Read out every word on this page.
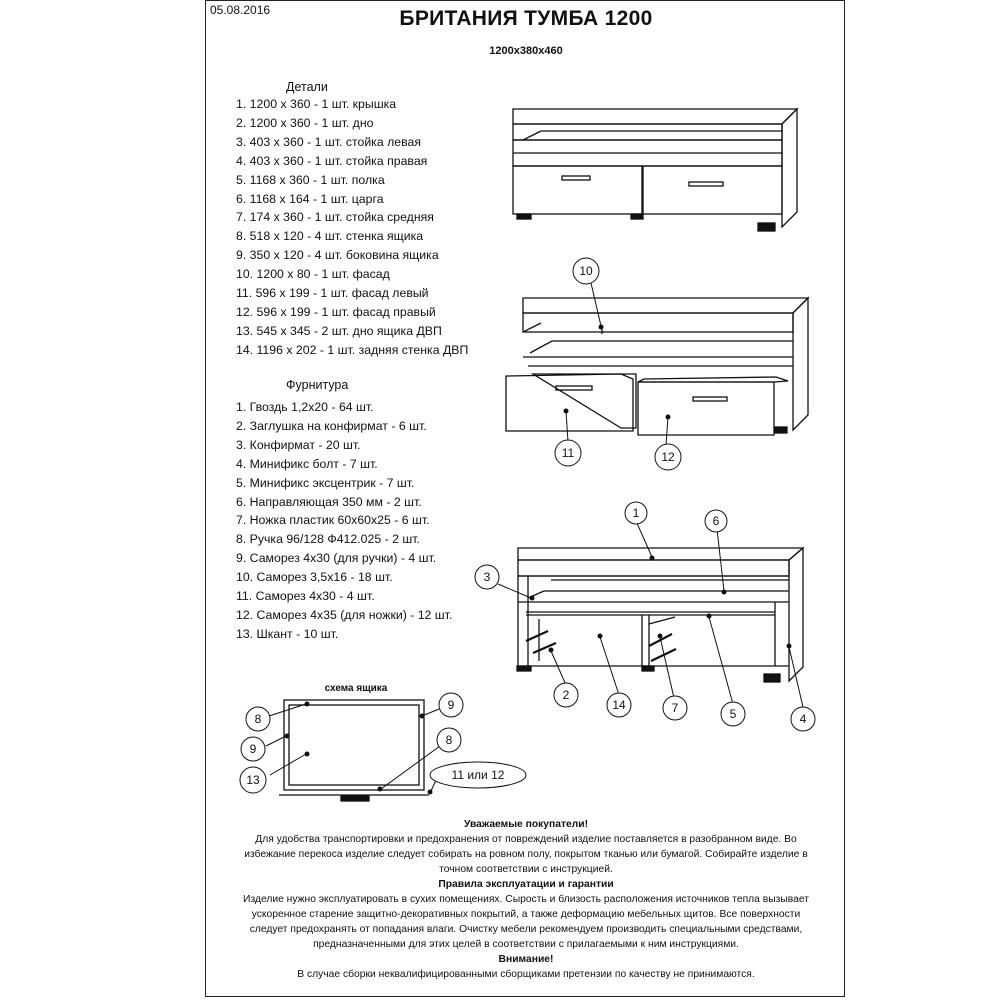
05.08.2016	БРИТАНИЯ ТУМБА 1200
1200x380x460
Детали
1. 1200 x 360 - 1 шт. крышка
2. 1200 x 360 - 1 шт. дно
3. 403 x 360 - 1 шт. стойка левая
4. 403 x 360 - 1 шт. стойка правая
5. 1168 x 360 - 1 шт. полка
6. 1168 x 164 - 1 шт. царга
7. 174 x 360 - 1 шт. стойка средняя
8. 518 x 120 - 4 шт. стенка ящика
9. 350 x 120 - 4 шт. боковина ящика
10. 1200 x 80 - 1 шт. фасад
11. 596 x 199 - 1 шт. фасад левый
12. 596 x 199 - 1 шт. фасад правый
13. 545 x 345 - 2 шт. дно ящика ДВП
14. 1196 x 202 - 1 шт. задняя стенка ДВП
Фурнитура
1. Гвоздь 1,2x20 - 64 шт.
2. Заглушка на конфирмат - 6 шт.
3. Конфирмат - 20 шт.
4. Минификс болт - 7 шт.
5. Минификс эксцентрик - 7 шт.
6. Направляющая 350 мм - 2 шт.
7. Ножка пластик 60x60x25 - 6 шт.
8. Ручка 96/128 Ф412.025 - 2 шт.
9. Саморез 4x30 (для ручки) - 4 шт.
10. Саморез 3,5x16 - 18 шт.
11. Саморез 4x30 - 4 шт.
12. Саморез 4x35 (для ножки) - 12 шт.
13. Шкант - 10 шт.
10
11	12
1
6
3
2
14	7	5	4
8
9
9
13
8
11 или 12
схема ящика
Уважаемые покупатели!
Для удобства транспортировки и предохранения от повреждений изделие поставляется в разобранном виде. Во
избежание перекоса изделие следует собирать на ровном полу, покрытом тканью или бумагой. Собирайте изделие в
точном соответствии с инструкцией.
Правила эксплуатации и гарантии
Изделие нужно эксплуатировать в сухих помещениях. Сырость и близость расположения источников тепла вызывает
ускоренное старение защитно-декоративных покрытий, а также деформацию мебельных щитов. Все поверхности
следует предохранять от попадания влаги. Очистку мебели рекомендуем производить специальными средствами,
предназначенными для этих целей в соответствии с прилагаемыми к ним инструкциями.
Внимание!
В случае сборки неквалифицированными сборщиками претензии по качеству не принимаются.
